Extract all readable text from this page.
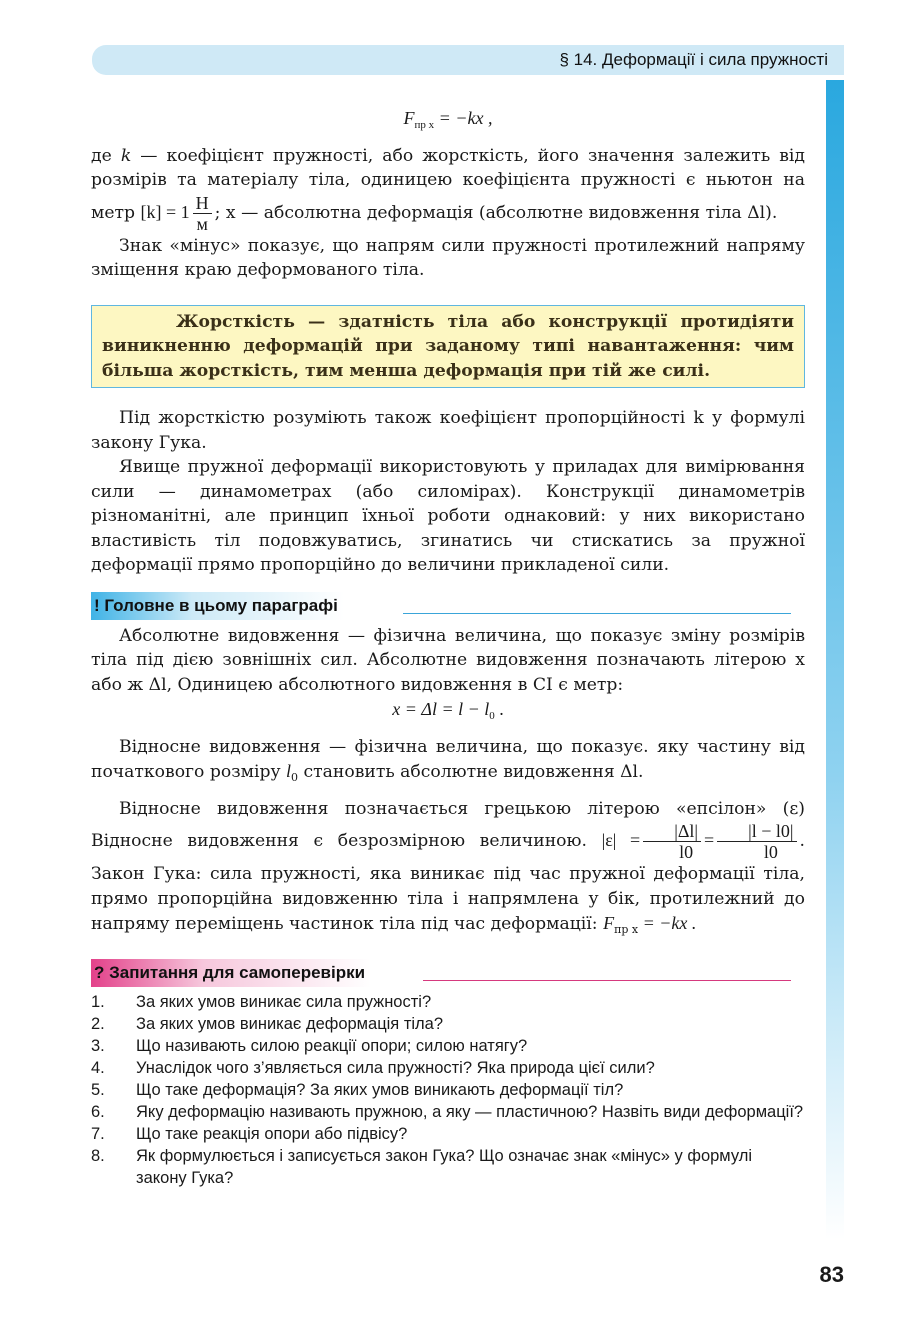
§ 14. Деформації і сила пружності

$F_{пр x} = -kx$ ,

де k — коефіцієнт пружності, або жорсткість, його значення залежить від розмірів та матеріалу тіла, одиницею коефіцієнта пружності є ньютон на метр $[k] = 1 \frac{Н}{м}$ ; x — абсолютна деформація (абсолютне видовження тіла Δl).

Знак «мінус» показує, що напрям сили пружності протилежний напряму зміщення краю деформованого тіла.

Жорсткість — здатність тіла або конструкції протидіяти виникненню деформацій при заданому типі навантаження: чим більша жорсткість, тим менша деформація при тій же силі.

Під жорсткістю розуміють також коефіцієнт пропорційності k у формулі закону Гука.

Явище пружної деформації використовують у приладах для вимірювання сили — динамометрах (або силомірах). Конструкції динамометрів різноманітні, але принцип їхньої роботи однаковий: у них використано властивість тіл подовжуватись, згинатись чи стискатись за пружної деформації прямо пропорційно до величини прикладеної сили.

! Головне в цьому параграфі

Абсолютне видовження — фізична величина, що показує зміну розмірів тіла під дією зовнішніх сил. Абсолютне видовження позначають літерою x або ж Δl, Одиницею абсолютного видовження в СІ є метр:

$x = \Delta l = l - l_0$ .

Відносне видовження — фізична величина, що показує. яку частину від початкового розміру $l_0$ становить абсолютне видовження Δl.

Відносне видовження позначається грецькою літерою «епсілон» (ε) Відносне видовження є безрозмірною величиною. $|\varepsilon| = \frac{|\Delta l|}{l0} = \frac{|l - l0|}{l0}$ . Закон Гука: сила пружності, яка виникає під час пружної деформації тіла, прямо пропорційна видовженню тіла і напрямлена у бік, протилежний до напряму переміщень частинок тіла під час деформації: $F_{пр x} = -kx$ .

? Запитання для самоперевірки
1. За яких умов виникає сила пружності?
2. За яких умов виникає деформація тіла?
3. Що називають силою реакції опори; силою натягу?
4. Унаслідок чого з’являється сила пружності? Яка природа цієї сили?
5. Що таке деформація? За яких умов виникають деформації тіл?
6. Яку деформацію називають пружною, а яку — пластичною? Назвіть види деформації?
7. Що таке реакція опори або підвісу?
8. Як формулюється і записується закон Гука? Що означає знак «мінус» у формулі закону Гука?
83
